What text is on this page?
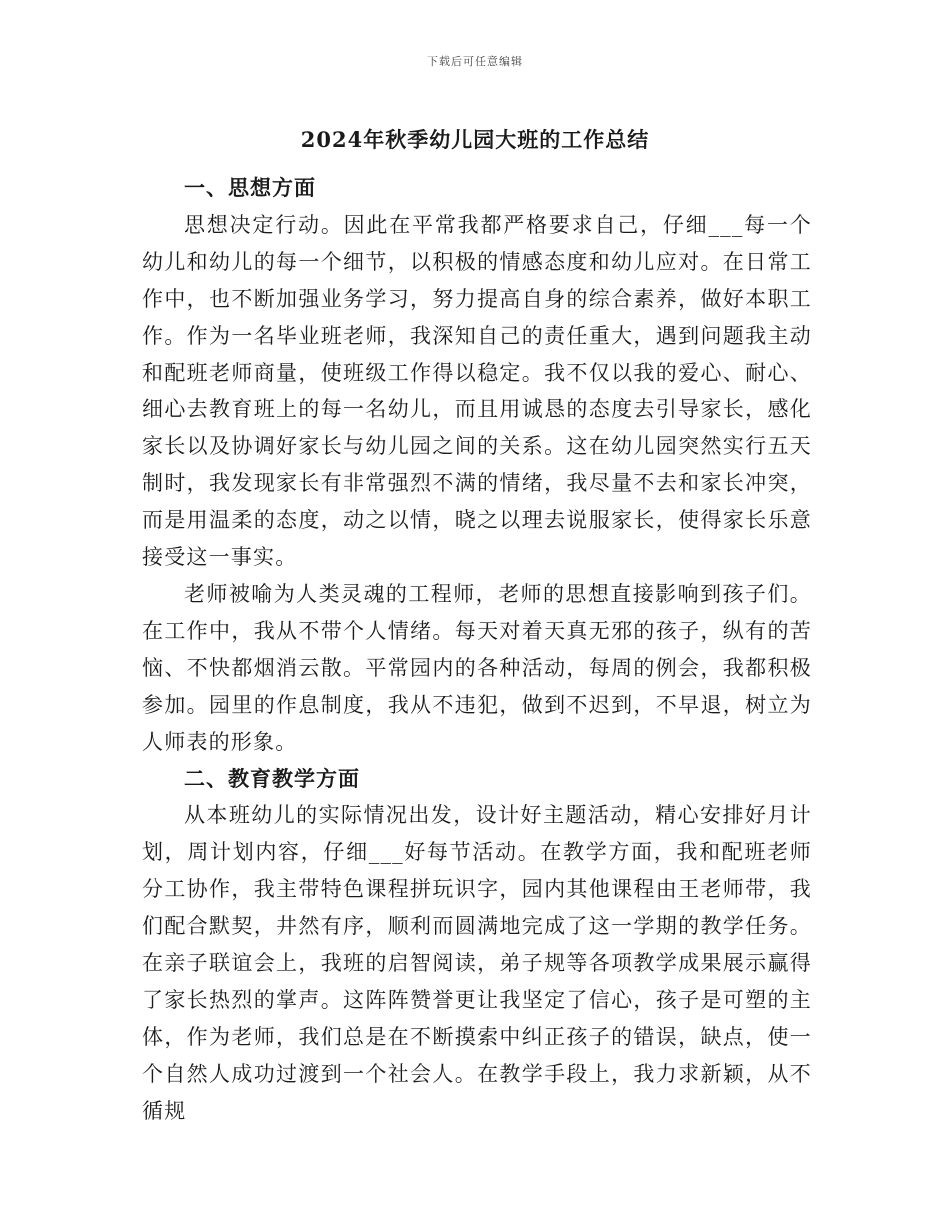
下载后可任意编辑
2024年秋季幼儿园大班的工作总结

一、思想方面

思想决定行动。因此在平常我都严格要求自己，仔细___每一个幼儿和幼儿的每一个细节，以积极的情感态度和幼儿应对。在日常工作中，也不断加强业务学习，努力提高自身的综合素养，做好本职工作。作为一名毕业班老师，我深知自己的责任重大，遇到问题我主动和配班老师商量，使班级工作得以稳定。我不仅以我的爱心、耐心、细心去教育班上的每一名幼儿，而且用诚恳的态度去引导家长，感化家长以及协调好家长与幼儿园之间的关系。这在幼儿园突然实行五天制时，我发现家长有非常强烈不满的情绪，我尽量不去和家长冲突，而是用温柔的态度，动之以情，晓之以理去说服家长，使得家长乐意接受这一事实。

老师被喻为人类灵魂的工程师，老师的思想直接影响到孩子们。在工作中，我从不带个人情绪。每天对着天真无邪的孩子，纵有的苦恼、不快都烟消云散。平常园内的各种活动，每周的例会，我都积极参加。园里的作息制度，我从不违犯，做到不迟到，不早退，树立为人师表的形象。

二、教育教学方面

从本班幼儿的实际情况出发，设计好主题活动，精心安排好月计划，周计划内容，仔细___好每节活动。在教学方面，我和配班老师分工协作，我主带特色课程拼玩识字，园内其他课程由王老师带，我们配合默契，井然有序，顺利而圆满地完成了这一学期的教学任务。在亲子联谊会上，我班的启智阅读，弟子规等各项教学成果展示赢得了家长热烈的掌声。这阵阵赞誉更让我坚定了信心，孩子是可塑的主体，作为老师，我们总是在不断摸索中纠正孩子的错误，缺点，使一个自然人成功过渡到一个社会人。在教学手段上，我力求新颖，从不循规
